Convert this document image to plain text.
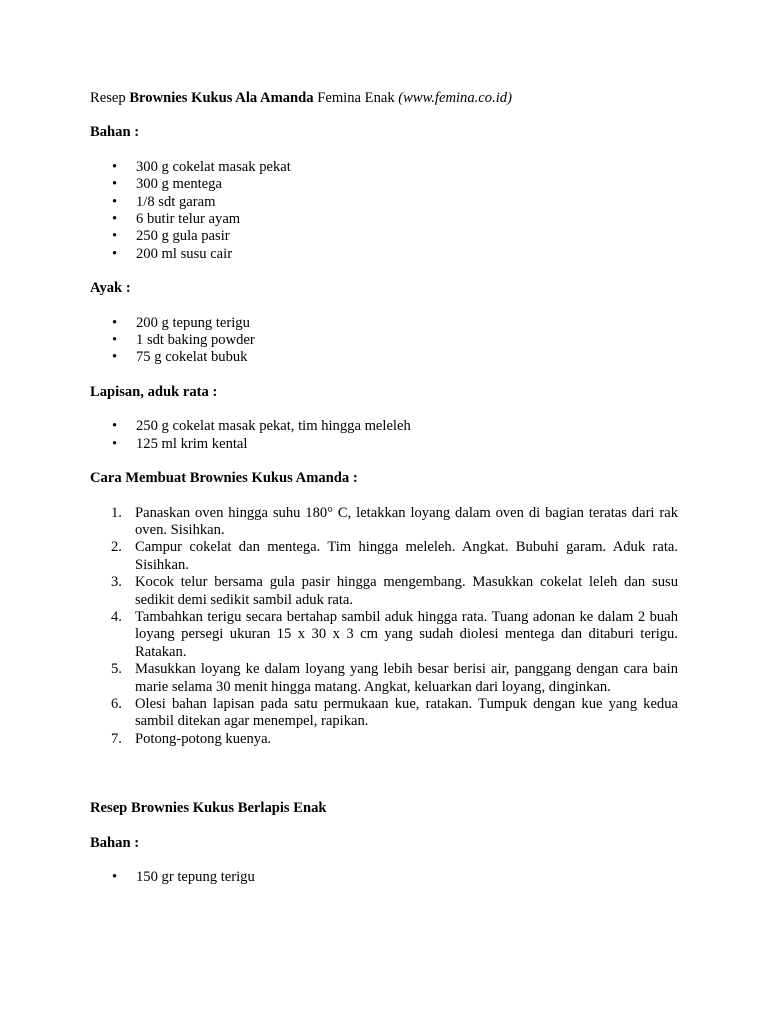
Resep Brownies Kukus Ala Amanda Femina Enak (www.femina.co.id)

Bahan :

• 300 g cokelat masak pekat
• 300 g mentega
• 1/8 sdt garam
• 6 butir telur ayam
• 250 g gula pasir
• 200 ml susu cair

Ayak :

• 200 g tepung terigu
• 1 sdt baking powder
• 75 g cokelat bubuk

Lapisan, aduk rata :

• 250 g cokelat masak pekat, tim hingga meleleh
• 125 ml krim kental

Cara Membuat Brownies Kukus Amanda :

1. Panaskan oven hingga suhu 180° C, letakkan loyang dalam oven di bagian teratas dari rak oven. Sisihkan.
2. Campur cokelat dan mentega. Tim hingga meleleh. Angkat. Bubuhi garam. Aduk rata. Sisihkan.
3. Kocok telur bersama gula pasir hingga mengembang. Masukkan cokelat leleh dan susu sedikit demi sedikit sambil aduk rata.
4. Tambahkan terigu secara bertahap sambil aduk hingga rata. Tuang adonan ke dalam 2 buah loyang persegi ukuran 15 x 30 x 3 cm yang sudah diolesi mentega dan ditaburi terigu. Ratakan.
5. Masukkan loyang ke dalam loyang yang lebih besar berisi air, panggang dengan cara bain marie selama 30 menit hingga matang. Angkat, keluarkan dari loyang, dinginkan.
6. Olesi bahan lapisan pada satu permukaan kue, ratakan. Tumpuk dengan kue yang kedua sambil ditekan agar menempel, rapikan.
7. Potong-potong kuenya.

Resep Brownies Kukus Berlapis Enak

Bahan :

• 150 gr tepung terigu
